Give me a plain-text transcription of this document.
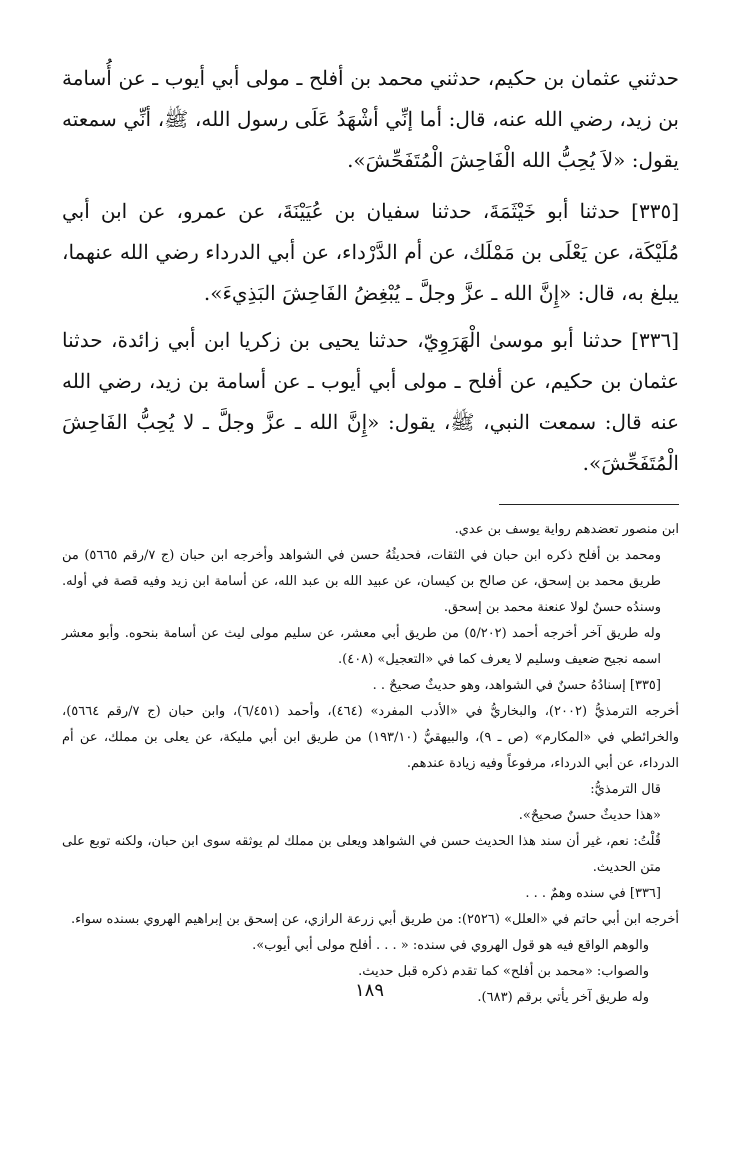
حدثني عثمان بن حكيم، حدثني محمد بن أفلح ـ مولى أبي أيوب ـ عن أُسامة بن زيد، رضي الله عنه، قال: أما إنِّي أشْهَدُ عَلَى رسول الله، ﷺ، أنِّي سمعته يقول: «لاَ يُحِبُّ الله الْفَاحِشَ الْمُتَفَحِّشَ».

[٣٣٥] حدثنا أبو خَيْثَمَةَ، حدثنا سفيان بن عُيَيْنَةَ، عن عمرو، عن ابن أبي مُلَيْكَة، عن يَعْلَى بن مَمْلَك، عن أم الدَّرْداء، عن أبي الدرداء رضي الله عنهما، يبلغ به، قال: «إِنَّ الله ـ عزَّ وجلَّ ـ يُبْغِضُ الفَاحِشَ البَذِيءَ».

[٣٣٦] حدثنا أبو موسىٰ الْهَرَوِيّ، حدثنا يحيى بن زكريا ابن أبي زائدة، حدثنا عثمان بن حكيم، عن أفلح ـ مولى أبي أيوب ـ عن أسامة بن زيد، رضي الله عنه قال: سمعت النبي، ﷺ، يقول: «إِنَّ الله ـ عزَّ وجلَّ ـ لا يُحِبُّ الفَاحِشَ الْمُتَفَحِّشَ».

ابن منصور تعضدهم رواية يوسف بن عدي.

ومحمد بن أفلح ذكره ابن حبان في الثقات، فحديثُهُ حسن في الشواهد وأخرجه ابن حبان (ج ٧/رقم ٥٦٦٥) من طريق محمد بن إسحق، عن صالح بن كيسان، عن عبيد الله بن عبد الله، عن أسامة ابن زيد وفيه قصة في أوله. وسندُه حسنٌ لولا عنعنة محمد بن إسحق.

وله طريق آخر أخرجه أحمد (٥/٢٠٢) من طريق أبي معشر، عن سليم مولى ليث عن أسامة بنحوه. وأبو معشر اسمه نجيح ضعيف وسليم لا يعرف كما في «التعجيل» (٤٠٨).

[٣٣٥] إسنادُهُ حسنٌ في الشواهد، وهو حديثٌ صحيحٌ . .

أخرجه الترمذيُّ (٢٠٠٢)، والبخاريُّ في «الأدب المفرد» (٤٦٤)، وأحمد (٦/٤٥١)، وابن حبان (ج ٧/رقم ٥٦٦٤)، والخرائطي في «المكارم» (ص ـ ٩)، والبيهقيُّ (١٩٣/١٠) من طريق ابن أبي مليكة، عن يعلى بن مملك، عن أم الدرداء، عن أبي الدرداء، مرفوعاً وفيه زيادة عندهم.

قال الترمذيُّ:

«هذا حديثٌ حسنٌ صحيحٌ».

قُلْتُ: نعم، غير أن سند هذا الحديث حسن في الشواهد ويعلى بن مملك لم يوثقه سوى ابن حبان، ولكنه توبع على متن الحديث.

[٣٣٦] في سنده وهمٌ . . .

أخرجه ابن أبي حاتم في «العلل» (٢٥٢٦): من طريق أبي زرعة الرازي، عن إسحق بن إبراهيم الهروي بسنده سواء.

والوهم الواقع فيه هو قول الهروي في سنده: « . . . أفلح مولى أبي أيوب».

والصواب: «محمد بن أفلح» كما تقدم ذكره قبل حديث.

وله طريق آخر يأتي برقم (٦٨٣).

١٨٩
